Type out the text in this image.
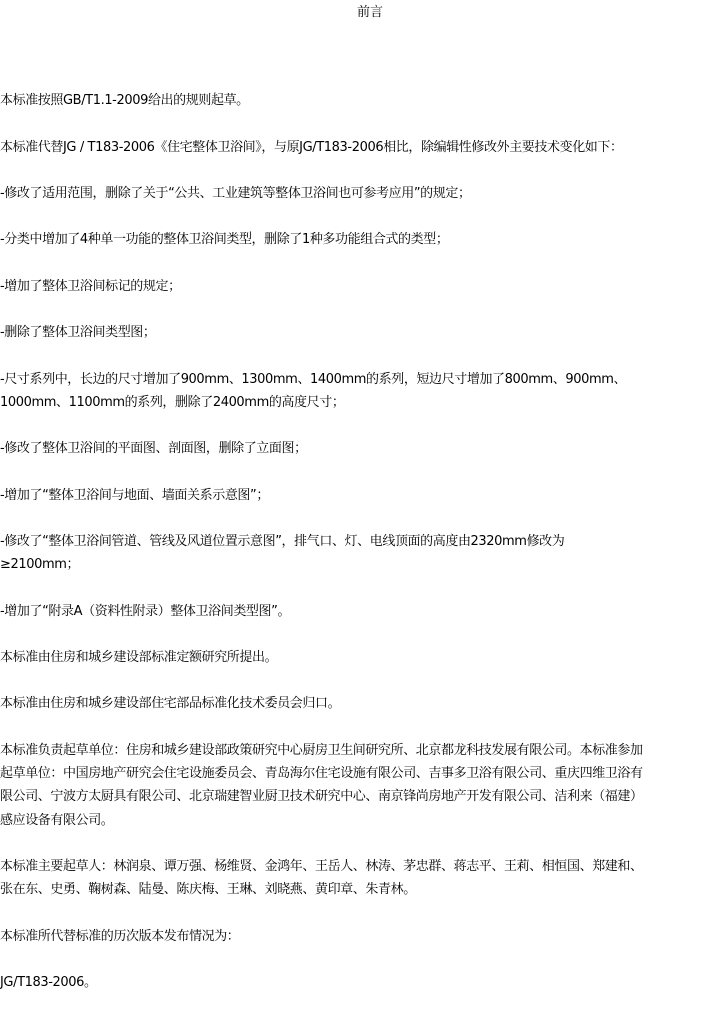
前言

本标准按照GB/T1.1-2009给出的规则起草。

本标准代替JG / T183-2006《住宅整体卫浴间》，与原JG/T183-2006相比，除编辑性修改外主要技术变化如下：

-修改了适用范围，删除了关于“公共、工业建筑等整体卫浴间也可参考应用”的规定；

-分类中增加了4种单一功能的整体卫浴间类型，删除了1种多功能组合式的类型；

-增加了整体卫浴间标记的规定；

-删除了整体卫浴间类型图；

-尺寸系列中，长边的尺寸增加了900mm、1300mm、1400mm的系列，短边尺寸增加了800mm、900mm、
1000mm、1100mm的系列，删除了2400mm的高度尺寸；

-修改了整体卫浴间的平面图、剖面图，删除了立面图；

-增加了“整体卫浴间与地面、墙面关系示意图”；

-修改了“整体卫浴间管道、管线及风道位置示意图”，排气口、灯、电线顶面的高度由2320mm修改为
≥2100mm；

-增加了“附录A（资料性附录）整体卫浴间类型图”。

本标准由住房和城乡建设部标准定额研究所提出。

本标准由住房和城乡建设部住宅部品标准化技术委员会归口。

本标准负责起草单位：住房和城乡建设部政策研究中心厨房卫生间研究所、北京都龙科技发展有限公司。本标准参加
起草单位：中国房地产研究会住宅设施委员会、青岛海尔住宅设施有限公司、吉事多卫浴有限公司、重庆四维卫浴有
限公司、宁波方太厨具有限公司、北京瑞建智业厨卫技术研究中心、南京锋尚房地产开发有限公司、洁利来（福建）
感应设备有限公司。

本标准主要起草人：林润泉、谭万强、杨维贤、金鸿年、王岳人、林涛、茅忠群、蒋志平、王莉、相恒国、郑建和、
张在东、史勇、鞠树森、陆曼、陈庆梅、王琳、刘晓燕、黄印章、朱青林。

本标准所代替标准的历次版本发布情况为：

JG/T183-2006。
